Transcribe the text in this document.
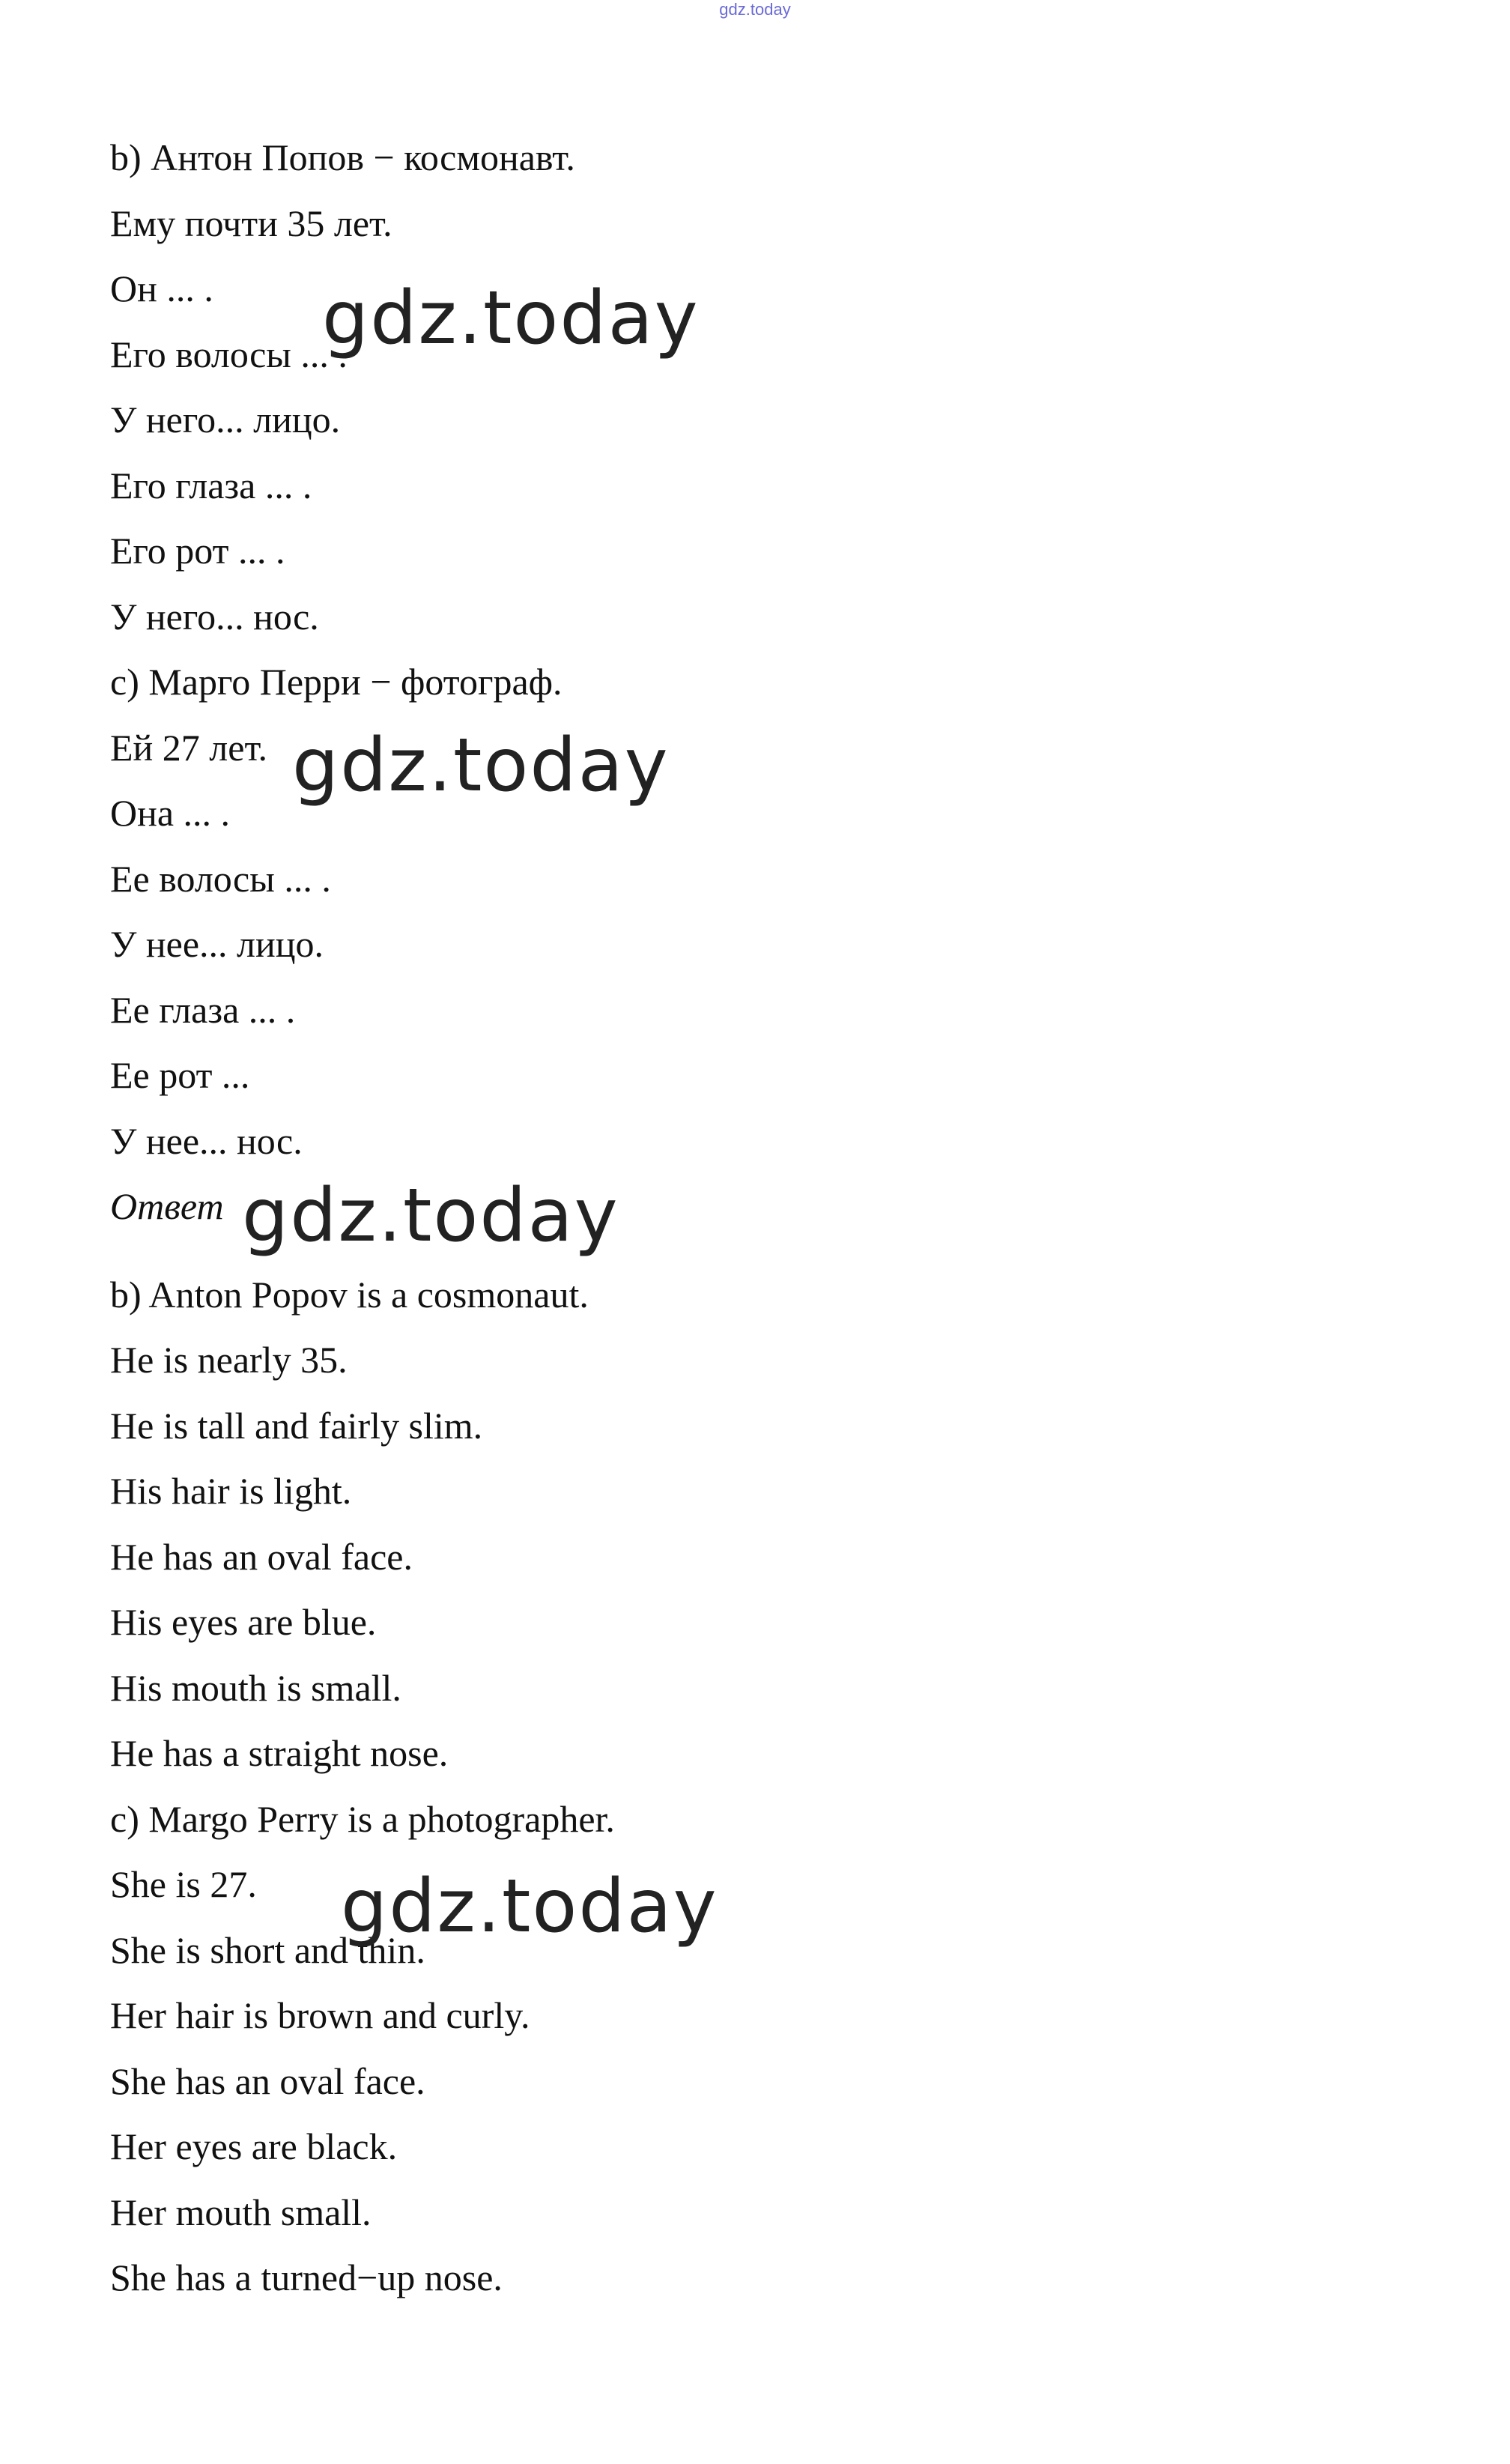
gdz.today
b) Антон Попов − космонавт.
Ему почти 35 лет.
Он ... .
Его волосы ... .
У него... лицо.
Его глаза ... .
Его рот ... .
У него... нос.
c) Марго Перри − фотограф.
Ей 27 лет.
Она ... .
Ее волосы ... .
У нее... лицо.
Ее глаза ... .
Ее рот ...
У нее... нос.
Ответ
b) Anton Popov is a cosmonaut.
He is nearly 35.
He is tall and fairly slim.
His hair is light.
He has an oval face.
His eyes are blue.
His mouth is small.
He has a straight nose.
c) Margo Perry is a photographer.
She is 27.
She is short and thin.
Her hair is brown and curly.
She has an oval face.
Her eyes are black.
Her mouth small.
She has a turned−up nose.
gdz.today
gdz.today
gdz.today
gdz.today
